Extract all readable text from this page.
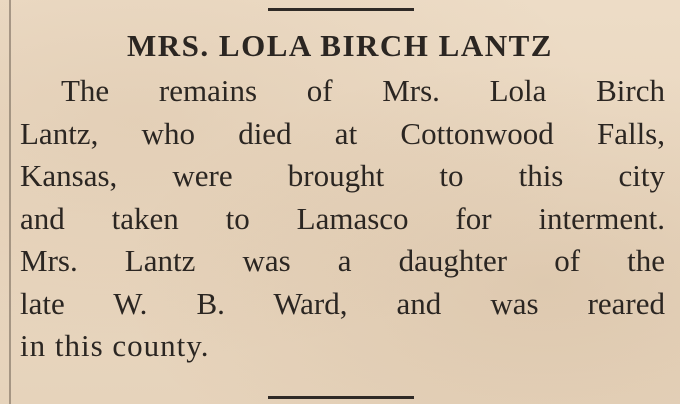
MRS. LOLA BIRCH LANTZ
The remains of Mrs. Lola Birch
Lantz, who died at Cottonwood Falls,
Kansas, were brought to this city
and taken to Lamasco for interment.
Mrs. Lantz was a daughter of the
late W. B. Ward, and was reared
in this county.
